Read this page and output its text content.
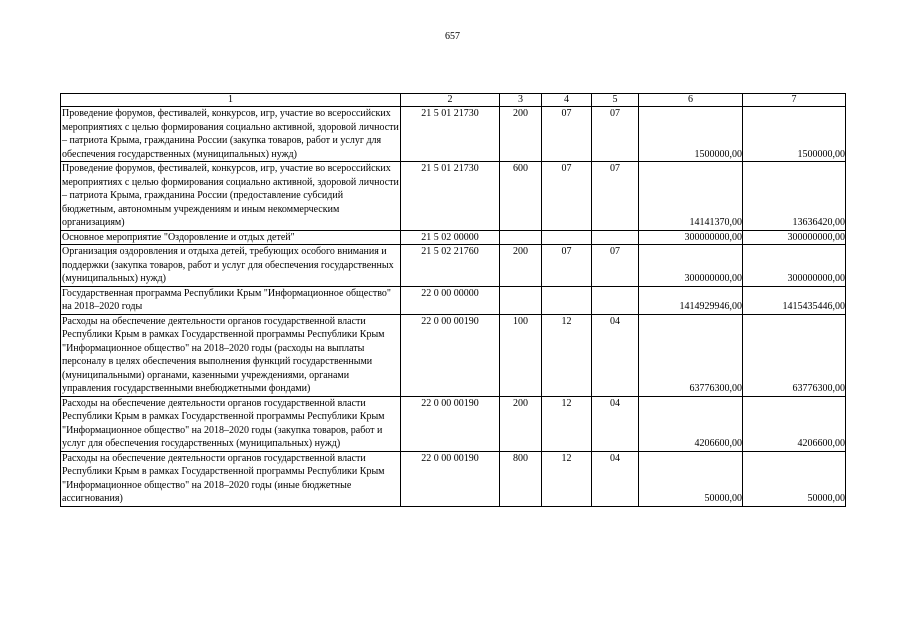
657
1	2	3	4	5	6	7
Проведение форумов, фестивалей, конкурсов, игр, участие во всероссийских мероприятиях с целью формирования социально активной, здоровой личности – патриота Крыма, гражданина России (закупка товаров, работ и услуг для обеспечения государственных (муниципальных) нужд)	21 5 01 21730	200	07	07	1500000,00	1500000,00
Проведение форумов, фестивалей, конкурсов, игр, участие во всероссийских мероприятиях с целью формирования социально активной, здоровой личности – патриота Крыма, гражданина России (предоставление субсидий бюджетным, автономным учреждениям и иным некоммерческим организациям)	21 5 01 21730	600	07	07	14141370,00	13636420,00
Основное мероприятие "Оздоровление и отдых детей"	21 5 02 00000				300000000,00	300000000,00
Организация оздоровления и отдыха детей, требующих особого внимания и поддержки (закупка товаров, работ и услуг для обеспечения государственных (муниципальных) нужд)	21 5 02 21760	200	07	07	300000000,00	300000000,00
Государственная программа Республики Крым "Информационное общество" на 2018–2020 годы	22 0 00 00000				1414929946,00	1415435446,00
Расходы на обеспечение деятельности органов государственной власти Республики Крым в рамках Государственной программы Республики Крым "Информационное общество" на 2018–2020 годы (расходы на выплаты персоналу в целях обеспечения выполнения функций государственными (муниципальными) органами, казенными учреждениями, органами управления государственными внебюджетными фондами)	22 0 00 00190	100	12	04	63776300,00	63776300,00
Расходы на обеспечение деятельности органов государственной власти Республики Крым в рамках Государственной программы Республики Крым "Информационное общество" на 2018–2020 годы (закупка товаров, работ и услуг для обеспечения государственных (муниципальных) нужд)	22 0 00 00190	200	12	04	4206600,00	4206600,00
Расходы на обеспечение деятельности органов государственной власти Республики Крым в рамках Государственной программы Республики Крым "Информационное общество" на 2018–2020 годы (иные бюджетные ассигнования)	22 0 00 00190	800	12	04	50000,00	50000,00
